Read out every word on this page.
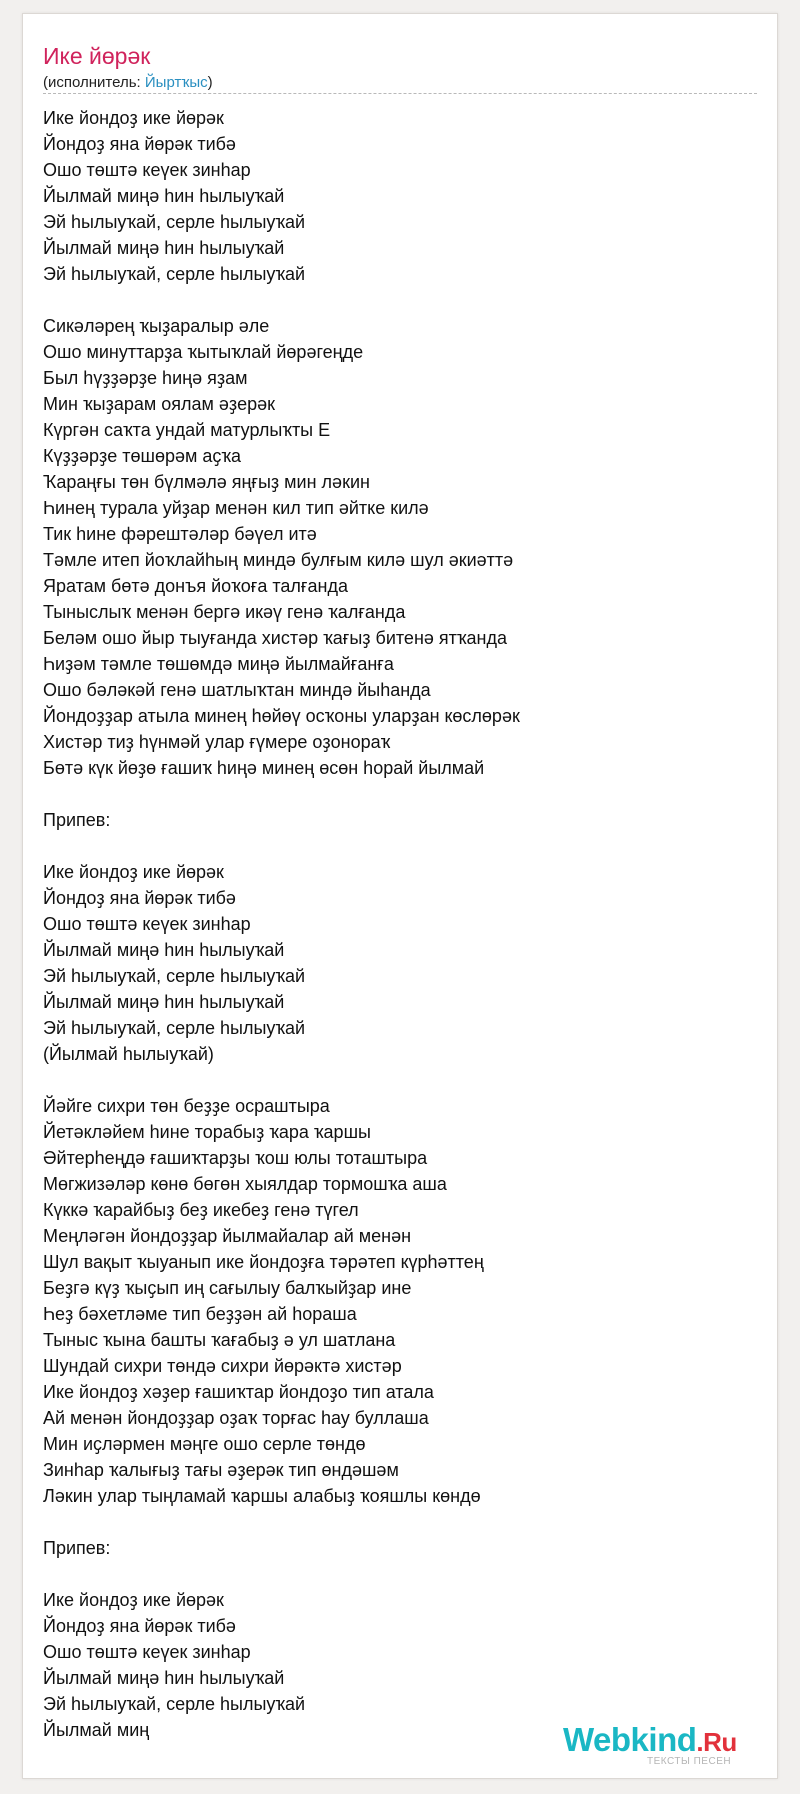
Ике йөрәк
(исполнитель: Йыртҡыс)
Ике йондоҙ ике йөрәк
Йондоҙ яна йөрәк тибә
Ошо төштә кеүек зинһар
Йылмай миңә һин һылыуҡай
Эй һылыуҡай, серле һылыуҡай
Йылмай миңә һин һылыуҡай
Эй һылыуҡай, серле һылыуҡай
Сикәләрең ҡыҙаралыр әле
Ошо минуттарҙа ҡытыҡлай йөрәгеңде
Был һүҙҙәрҙе һиңә яҙам
Мин ҡыҙарам оялам әҙерәк
Күргән саҡта ундай матурлыҡты Е
Күҙҙәрҙе төшөрәм аҫҡа
Ҡараңғы төн бүлмәлә яңғыҙ мин ләкин
Һинең турала уйҙар менән кил тип әйтке килә
Тик һине фәрештәләр бәүел итә
Тәмле итеп йоҡлайһың миндә булғым килә шул әкиәттә
Яратам бөтә донъя йоҡоға талғанда
Тыныслыҡ менән бергә икәү генә ҡалғанда
Беләм ошо йыр тыуғанда хистәр ҡағыҙ битенә ятҡанда
Һиҙәм тәмле төшөмдә миңә йылмайғанға
Ошо бәләкәй генә шатлыҡтан миндә йыһанда
Йондоҙҙар атыла минең һөйөү осҡоны уларҙан көслөрәк
Хистәр тиҙ һүнмәй улар ғүмере оҙонораҡ
Бөтә күк йөҙө ғашиҡ һиңә минең өсөн һорай йылмай
Припев:
Ике йондоҙ ике йөрәк
Йондоҙ яна йөрәк тибә
Ошо төштә кеүек зинһар
Йылмай миңә һин һылыуҡай
Эй һылыуҡай, серле һылыуҡай
Йылмай миңә һин һылыуҡай
Эй һылыуҡай, серле һылыуҡай
(Йылмай һылыуҡай)
Йәйге сихри төн беҙҙе осраштыра
Йетәкләйем һине торабыҙ ҡара ҡаршы
Әйтерһеңдә ғашиҡтарҙы ҡош юлы тоташтыра
Мөгжизәләр көнө бөгөн хыялдар тормошҡа аша
Күккә ҡарайбыҙ беҙ икебеҙ генә түгел
Меңләгән йондоҙҙар йылмайалар ай менән
Шул вақыт ҡыуанып ике йондоҙға тәрәтеп күрһәттең
Беҙгә күҙ ҡыҫып иң сағылыу балҡыйҙар ине
Һеҙ бәхетләме тип беҙҙән ай һораша
Тыныс ҡына башты ҡағабыҙ ә ул шатлана
Шундай сихри төндә сихри йөрәктә хистәр
Ике йондоҙ хәҙер ғашиҡтар йондоҙо тип атала
Ай менән йондоҙҙар оҙаҡ торғас һау буллаша
Мин иҫләрмен мәңге ошо серле төндө
Зинһар ҡалығыҙ тағы әҙерәк тип өндәшәм
Ләкин улар тыңламай ҡаршы алабыҙ ҡояшлы көндө
Припев:
Ике йондоҙ ике йөрәк
Йондоҙ яна йөрәк тибә
Ошо төштә кеүек зинһар
Йылмай миңә һин һылыуҡай
Эй һылыуҡай, серле һылыуҡай
Йылмай миң	Webkind.Ru
ТЕКСТЫ ПЕСЕН
